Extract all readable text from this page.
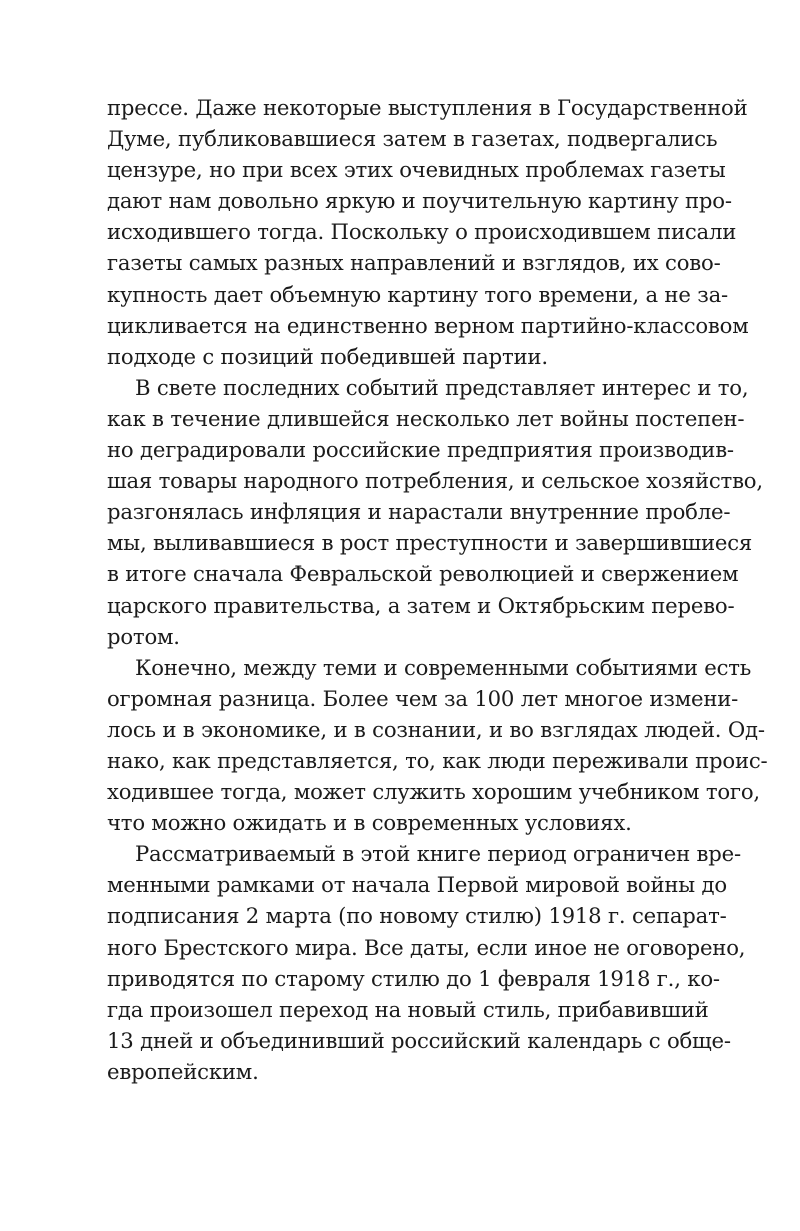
прессе. Даже некоторые выступления в Государственной
Думе, публиковавшиеся затем в газетах, подвергались
цензуре, но при всех этих очевидных проблемах газеты
дают нам довольно яркую и поучительную картину про-
исходившего тогда. Поскольку о происходившем писали
газеты самых разных направлений и взглядов, их сово-
купность дает объемную картину того времени, а не за-
цикливается на единственно верном партийно-классовом
подходе с позиций победившей партии.
В свете последних событий представляет интерес и то,
как в течение длившейся несколько лет войны постепен-
но деградировали российские предприятия производив-
шая товары народного потребления, и сельское хозяйство,
разгонялась инфляция и нарастали внутренние пробле-
мы, выливавшиеся в рост преступности и завершившиеся
в итоге сначала Февральской революцией и свержением
царского правительства, а затем и Октябрьским перево-
ротом.
Конечно, между теми и современными событиями есть
огромная разница. Более чем за 100 лет многое измени-
лось и в экономике, и в сознании, и во взглядах людей. Од-
нако, как представляется, то, как люди переживали проис-
ходившее тогда, может служить хорошим учебником того,
что можно ожидать и в современных условиях.
Рассматриваемый в этой книге период ограничен вре-
менными рамками от начала Первой мировой войны до
подписания 2 марта (по новому стилю) 1918 г. сепарат-
ного Брестского мира. Все даты, если иное не оговорено,
приводятся по старому стилю до 1 февраля 1918 г., ко-
гда произошел переход на новый стиль, прибавивший
13 дней и объединивший российский календарь с обще-
европейским.
